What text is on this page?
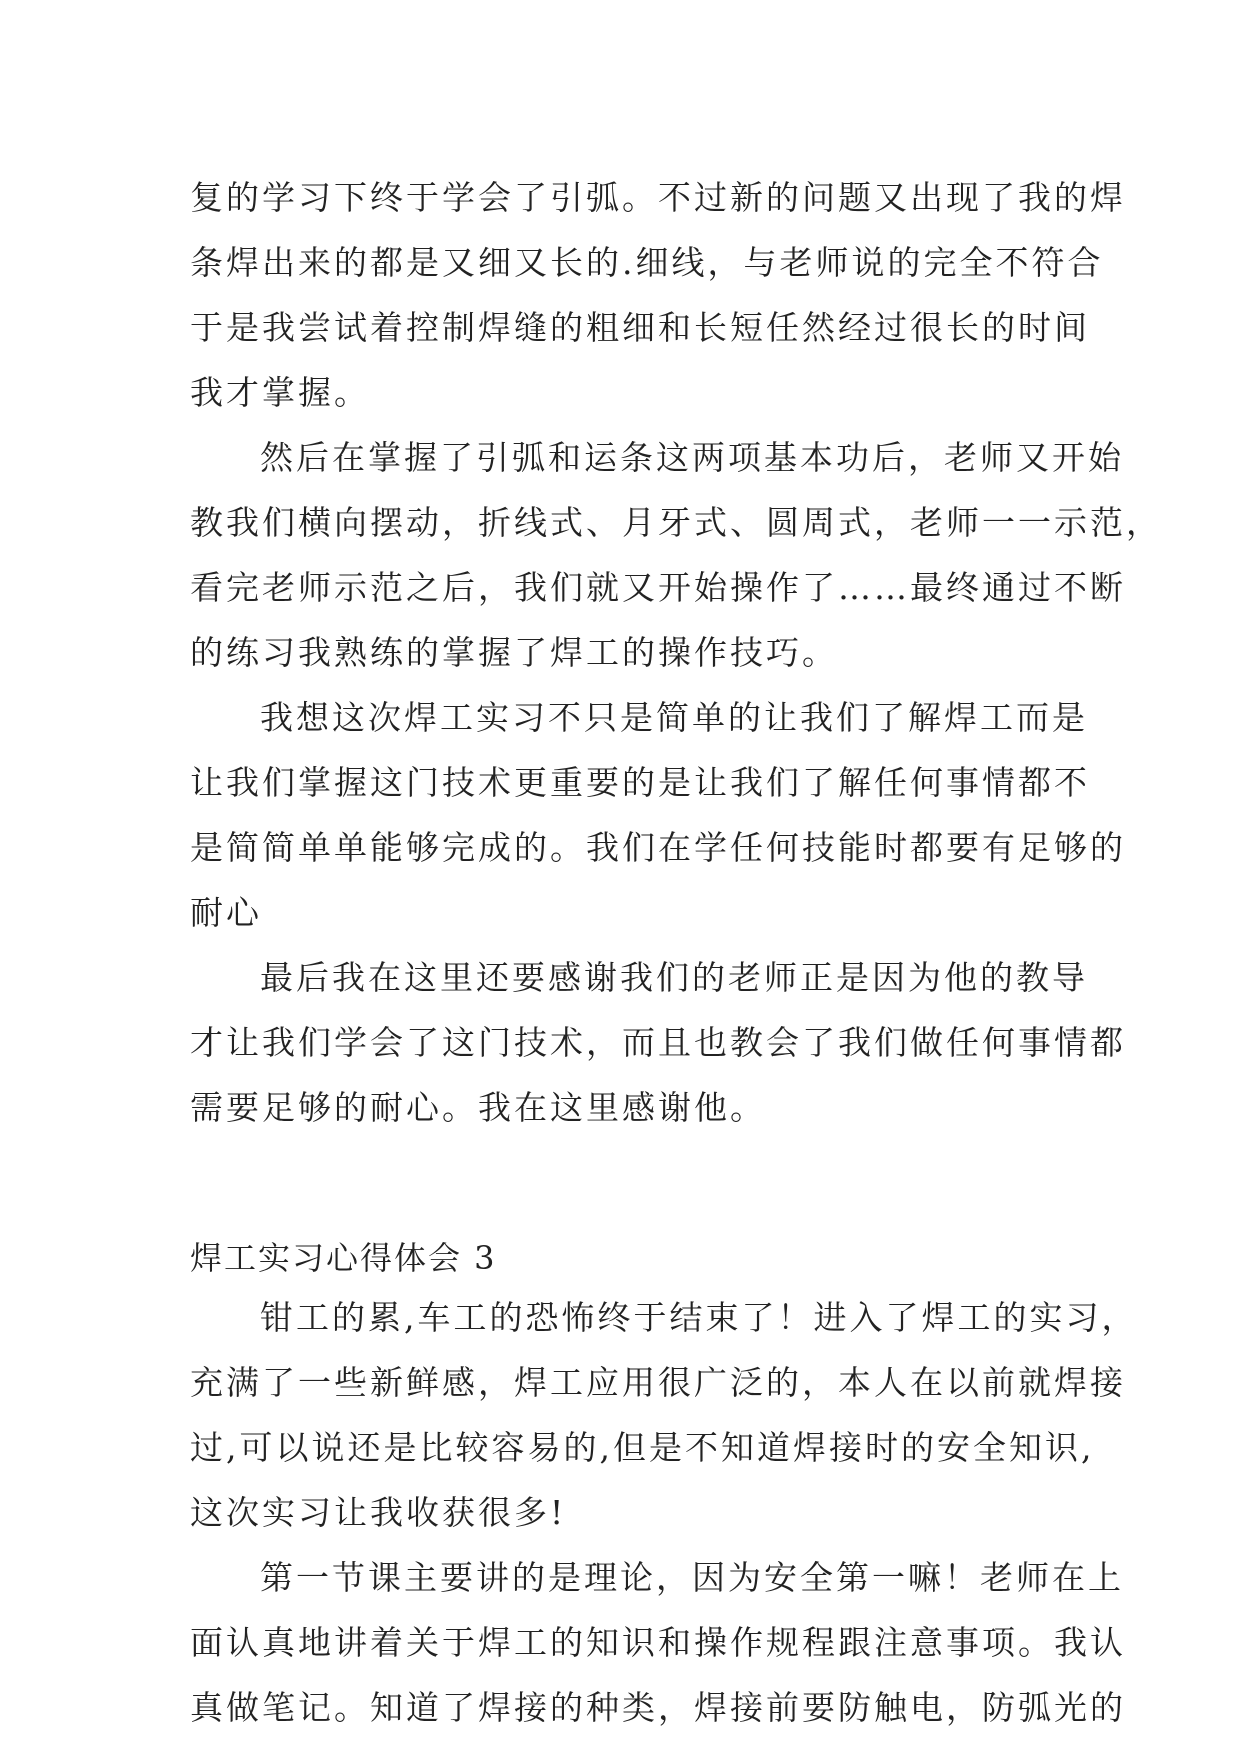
复的学习下终于学会了引弧。不过新的问题又出现了我的焊
条焊出来的都是又细又长的.细线，与老师说的完全不符合
于是我尝试着控制焊缝的粗细和长短任然经过很长的时间
我才掌握。
然后在掌握了引弧和运条这两项基本功后，老师又开始
教我们横向摆动，折线式、月牙式、圆周式，老师一一示范，
看完老师示范之后，我们就又开始操作了……最终通过不断
的练习我熟练的掌握了焊工的操作技巧。
我想这次焊工实习不只是简单的让我们了解焊工而是
让我们掌握这门技术更重要的是让我们了解任何事情都不
是简简单单能够完成的。我们在学任何技能时都要有足够的
耐心
最后我在这里还要感谢我们的老师正是因为他的教导
才让我们学会了这门技术，而且也教会了我们做任何事情都
需要足够的耐心。我在这里感谢他。
焊工实习心得体会 3
钳工的累,车工的恐怖终于结束了！进入了焊工的实习，
充满了一些新鲜感，焊工应用很广泛的，本人在以前就焊接
过,可以说还是比较容易的,但是不知道焊接时的安全知识,
这次实习让我收获很多!
第一节课主要讲的是理论，因为安全第一嘛！老师在上
面认真地讲着关于焊工的知识和操作规程跟注意事项。我认
真做笔记。知道了焊接的种类，焊接前要防触电，防弧光的
